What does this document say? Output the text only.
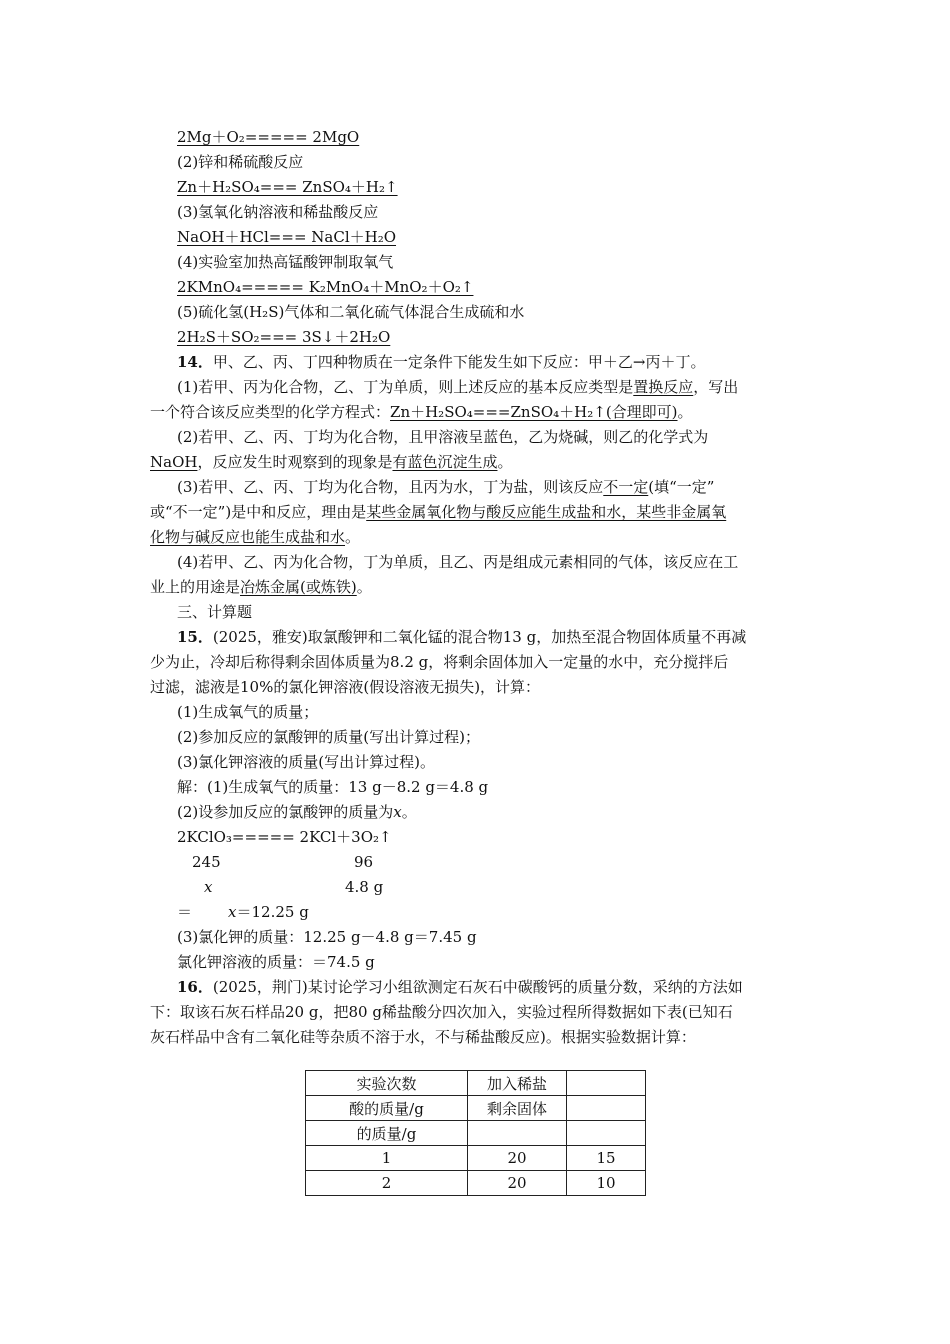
2Mg＋O₂===== 2MgO
(2)锌和稀硫酸反应
Zn＋H₂SO₄=== ZnSO₄＋H₂↑
(3)氢氧化钠溶液和稀盐酸反应
NaOH＋HCl=== NaCl＋H₂O
(4)实验室加热高锰酸钾制取氧气
2KMnO₄===== K₂MnO₄＋MnO₂＋O₂↑
(5)硫化氢(H₂S)气体和二氧化硫气体混合生成硫和水
2H₂S＋SO₂=== 3S↓＋2H₂O
14．甲、乙、丙、丁四种物质在一定条件下能发生如下反应：甲＋乙→丙＋丁。
(1)若甲、丙为化合物，乙、丁为单质，则上述反应的基本反应类型是置换反应，写出
一个符合该反应类型的化学方程式：Zn＋H₂SO₄===ZnSO₄＋H₂↑(合理即可)。
(2)若甲、乙、丙、丁均为化合物，且甲溶液呈蓝色，乙为烧碱，则乙的化学式为
NaOH，反应发生时观察到的现象是有蓝色沉淀生成。
(3)若甲、乙、丙、丁均为化合物，且丙为水，丁为盐，则该反应不一定(填“一定”
或“不一定”)是中和反应，理由是某些金属氧化物与酸反应能生成盐和水，某些非金属氧
化物与碱反应也能生成盐和水。
(4)若甲、乙、丙为化合物，丁为单质，且乙、丙是组成元素相同的气体，该反应在工
业上的用途是冶炼金属(或炼铁)。
三、计算题
15．(2025，雅安)取氯酸钾和二氧化锰的混合物13 g，加热至混合物固体质量不再减
少为止，冷却后称得剩余固体质量为8.2 g，将剩余固体加入一定量的水中，充分搅拌后
过滤，滤液是10%的氯化钾溶液(假设溶液无损失)，计算：
(1)生成氧气的质量；
(2)参加反应的氯酸钾的质量(写出计算过程)；
(3)氯化钾溶液的质量(写出计算过程)。
解：(1)生成氧气的质量：13 g－8.2 g＝4.8 g
(2)设参加反应的氯酸钾的质量为x。
2KClO₃===== 2KCl＋3O₂↑
245	96
x	4.8 g
＝ x＝12.25 g
(3)氯化钾的质量：12.25 g－4.8 g＝7.45 g
氯化钾溶液的质量：＝74.5 g
16．(2025，荆门)某讨论学习小组欲测定石灰石中碳酸钙的质量分数，采纳的方法如
下：取该石灰石样品20 g，把80 g稀盐酸分四次加入，实验过程所得数据如下表(已知石
灰石样品中含有二氧化硅等杂质不溶于水，不与稀盐酸反应)。根据实验数据计算：
实验次数	加入稀盐	
酸的质量/g	剩余固体	
的质量/g		
1	20	15
2	20	10
